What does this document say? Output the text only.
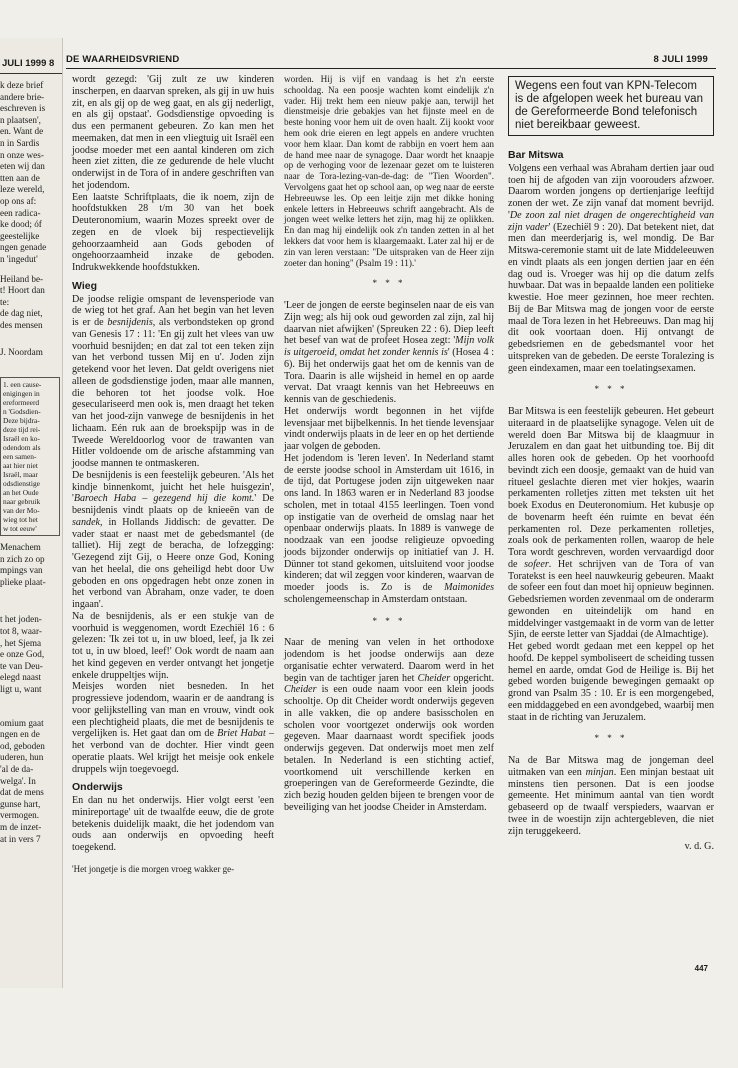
8 JULI 1999
k deze brief
andere brie-
eschreven is
n plaatsen',
en. Want de
n in Sardis
n onze wes-
eten wij dan
tten aan de
leze wereld,
op ons af:
een radica-
ke dood; óf
geestelijke
ngen genade
n 'ingedut'
Heiland be-
t! Hoort dan
te:
de dag niet,
des mensen
J. Noordam
1. een cause-
enigingen in
ereformeerd
n 'Godsdien-
Deze bijdra-
deze tijd rei-
Israël en ko-
odendom als
een samen-
aat hier niet
Israël, maar
odsdienstige
an het Oude
naar gebruik
van der Mo-
wieg tot het
w tot eeuw'
Menachem
n zich zo op
mpings van
plieke plaat-
t het joden-
tot 8, waar-
, het Sjema
e onze God,
te van Deu-
elegd naast
ligt u, want
omium gaat
ngen en de
od, geboden
uderen, hun
'al de da-
welga'. In
dat de mens
gunse hart,
vermogen.
m de inzet-
at in vers 7
DE WAARHEIDSVRIEND	8 JULI 1999

wordt gezegd: 'Gij zult ze uw kinderen inscherpen, en daarvan spreken, als gij in uw huis zit, en als gij op de weg gaat, en als gij nederligt, en als gij opstaat'. Godsdienstige opvoeding is dus een permanent gebeuren. Zo kan men het meemaken, dat men in een vliegtuig uit Israël een joodse moeder met een aantal kinderen om zich heen ziet zitten, die ze gedurende de hele vlucht onderwijst in de Tora of in andere geschriften van het jodendom.

Een laatste Schriftplaats, die ik noem, zijn de hoofdstukken 28 t/m 30 van het boek Deuteronomium, waarin Mozes spreekt over de zegen en de vloek bij respectievelijk gehoorzaamheid aan Gods geboden of ongehoorzaamheid inzake de geboden. Indrukwekkende hoofdstukken.

Wieg

De joodse religie omspant de levensperiode van de wieg tot het graf. Aan het begin van het leven is er de besnijdenis, als verbondsteken op grond van Genesis 17 : 11: 'En gij zult het vlees van uw voorhuid besnijden; en dat zal tot een teken zijn van het verbond tussen Mij en u'. Joden zijn getekend voor het leven. Dat geldt overigens niet alleen de godsdienstige joden, maar alle mannen, die behoren tot het joodse volk. Hoe geseculariseerd men ook is, men draagt het teken van het jood-zijn vanwege de besnijdenis in het lichaam. Eén ruk aan de broekspijp was in de Tweede Wereldoorlog voor de trawanten van Hitler voldoende om de arische afstamming van joodse mannen te ontmaskeren.

De besnijdenis is een feestelijk gebeuren. 'Als het kindje binnenkomt, juicht het hele huisgezin', 'Baroech Haba – gezegend hij die komt.' De besnijdenis vindt plaats op de knieeën van de sandek, in Hollands Jiddisch: de gevatter. De vader staat er naast met de gebedsmantel (de talliet). Hij zegt de beracha, de lofzegging: 'Gezegend zijt Gij, o Heere onze God, Koning van het heelal, die ons geheiligd hebt door Uw geboden en ons opgedragen hebt onze zonen in het verbond van Abraham, onze vader, te doen ingaan'.

Na de besnijdenis, als er een stukje van de voorhuid is weggenomen, wordt Ezechiël 16 : 6 gelezen: 'Ik zei tot u, in uw bloed, leef, ja Ik zei tot u, in uw bloed, leef!' Ook wordt de naam aan het kind gegeven en verder ontvangt het jongetje enkele druppeltjes wijn.

Meisjes worden niet besneden. In het progressieve jodendom, waarin er de aandrang is voor gelijkstelling van man en vrouw, vindt ook een plechtigheid plaats, die met de besnijdenis te vergelijken is. Het gaat dan om de Briet Habat – het verbond van de dochter. Hier vindt geen operatie plaats. Wel krijgt het meisje ook enkele druppels wijn toegevoegd.

Onderwijs

En dan nu het onderwijs. Hier volgt eerst 'een minireportage' uit de twaalfde eeuw, die de grote betekenis duidelijk maakt, die het jodendom van ouds aan onderwijs en opvoeding heeft toegekend.

'Het jongetje is die morgen vroeg wakker ge-

worden. Hij is vijf en vandaag is het z'n eerste schooldag. Na een poosje wachten komt eindelijk z'n vader. Hij trekt hem een nieuw pakje aan, terwijl het dienstmeisje drie gebakjes van het fijnste meel en de beste honing voor hem uit de oven haalt. Zij kookt voor hem ook drie eieren en legt appels en andere vruchten voor hem klaar. Dan komt de rabbijn en voert hem aan de hand mee naar de synagoge. Daar wordt het knaapje op de verhoging voor de lezenaar gezet om te luisteren naar de Tora-lezing-van-de-dag: de "Tien Woorden". Vervolgens gaat het op school aan, op weg naar de eerste Hebreeuwse les. Op een leitje zijn met dikke honing enkele letters in Hebreeuws schrift aangebracht. Als de jongen weet welke letters het zijn, mag hij ze oplikken. En dan mag hij eindelijk ook z'n tanden zetten in al het lekkers dat voor hem is klaargemaakt. Later zal hij er de zin van leren verstaan: "De uitspraken van de Heer zijn zoeter dan honing" (Psalm 19 : 11).'

* * *

'Leer de jongen de eerste beginselen naar de eis van Zijn weg; als hij ook oud geworden zal zijn, zal hij daarvan niet afwijken' (Spreuken 22 : 6). Diep leeft het besef van wat de profeet Hosea zegt: 'Mijn volk is uitgeroeid, omdat het zonder kennis is' (Hosea 4 : 6). Bij het onderwijs gaat het om de kennis van de Tora. Daarin is alle wijsheid in hemel en op aarde vervat. Dat vraagt kennis van het Hebreeuws en kennis van de geschiedenis.

Het onderwijs wordt begonnen in het vijfde levensjaar met bijbelkennis. In het tiende levensjaar vindt onderwijs plaats in de leer en op het dertiende jaar volgen de geboden.

Het jodendom is 'leren leven'. In Nederland stamt de eerste joodse school in Amsterdam uit 1616, in de tijd, dat Portugese joden zijn uitgeweken naar ons land. In 1863 waren er in Nederland 83 joodse scholen, met in totaal 4155 leerlingen. Toen vond op instigatie van de overheid de omslag naar het openbaar onderwijs plaats. In 1889 is vanwege de noodzaak van een joodse religieuze opvoeding joods bijzonder onderwijs op initiatief van J. H. Dünner tot stand gekomen, uitsluitend voor joodse kinderen; dat wil zeggen voor kinderen, waarvan de moeder joods is. Zo is de Maimonides scholengemeenschap in Amsterdam ontstaan.

* * *

Naar de mening van velen in het orthodoxe jodendom is het joodse onderwijs aan deze organisatie echter verwaterd. Daarom werd in het begin van de tachtiger jaren het Cheider opgericht. Cheider is een oude naam voor een klein joods schooltje. Op dit Cheider wordt onderwijs gegeven in alle vakken, die op andere basisscholen en scholen voor voortgezet onderwijs ook worden gegeven. Maar daarnaast wordt specifiek joods onderwijs gegeven. Dat onderwijs moet men zelf betalen. In Nederland is een stichting actief, voortkomend uit verschillende kerken en groeperingen van de Gereformeerde Gezindte, die zich bezig houden gelden bijeen te brengen voor de beveiliging van het joodse Cheider in Amsterdam.

Wegens een fout van KPN-Telecom is de afgelopen week het bureau van de Gereformeerde Bond telefonisch niet bereikbaar geweest.
Bar Mitswa

Volgens een verhaal was Abraham dertien jaar oud toen hij de afgoden van zijn voorouders afzwoer. Daarom worden jongens op dertienjarige leeftijd zonen der wet. Ze zijn vanaf dat moment bevrijd. 'De zoon zal niet dragen de ongerechtigheid van zijn vader' (Ezechiël 9 : 20). Dat betekent niet, dat men dan meerderjarig is, wel mondig. De Bar Mitswa-ceremonie stamt uit de late Middeleeuwen en vindt plaats als een jongen dertien jaar en één dag oud is. Vroeger was hij op die datum zelfs huwbaar. Dat was in bepaalde landen een politieke kwestie. Hoe meer gezinnen, hoe meer rechten. Bij de Bar Mitswa mag de jongen voor de eerste maal de Tora lezen in het Hebreeuws. Dan mag hij dit ook voortaan doen. Hij ontvangt de gebedsriemen en de gebedsmantel voor het uitspreken van de gebeden. De eerste Toralezing is geen eindexamen, maar een toelatingsexamen.

* * *

Bar Mitswa is een feestelijk gebeuren. Het gebeurt uiteraard in de plaatselijke synagoge. Velen uit de wereld doen Bar Mitswa bij de klaagmuur in Jeruzalem en dan gaat het uitbunding toe. Bij dit alles horen ook de gebeden. Op het voorhoofd bevindt zich een doosje, gemaakt van de huid van ritueel geslachte dieren met vier hokjes, waarin perkamenten rolletjes zitten met teksten uit het boek Exodus en Deuteronomium. Het kubusje op de bovenarm heeft één ruimte en bevat één perkamenten rol. Deze perkamenten rolletjes, zoals ook de perkamenten rollen, waarop de hele Tora wordt geschreven, worden vervaardigd door de sofeer. Het schrijven van de Tora of van Toratekst is een heel nauwkeurig gebeuren. Maakt de sofeer een fout dan moet hij opnieuw beginnen. Gebedsriemen worden zevenmaal om de onderarm gewonden en uiteindelijk om hand en middelvinger vastgemaakt in de vorm van de letter Sjin, de eerste letter van Sjaddai (de Almachtige).

Het gebed wordt gedaan met een keppel op het hoofd. De keppel symboliseert de scheiding tussen hemel en aarde, omdat God de Heilige is. Bij het gebed worden buigende bewegingen gemaakt op grond van Psalm 35 : 10. Er is een morgengebed, een middaggebed en een avondgebed, waarbij men staat in de richting van Jeruzalem.

* * *

Na de Bar Mitswa mag de jongeman deel uitmaken van een minjan. Een minjan bestaat uit minstens tien personen. Dat is een joodse gemeente. Het minimum aantal van tien wordt gebaseerd op de twaalf verspieders, waarvan er twee in de woestijn zijn achtergebleven, die niet zijn teruggekeerd.

v. d. G.
447
